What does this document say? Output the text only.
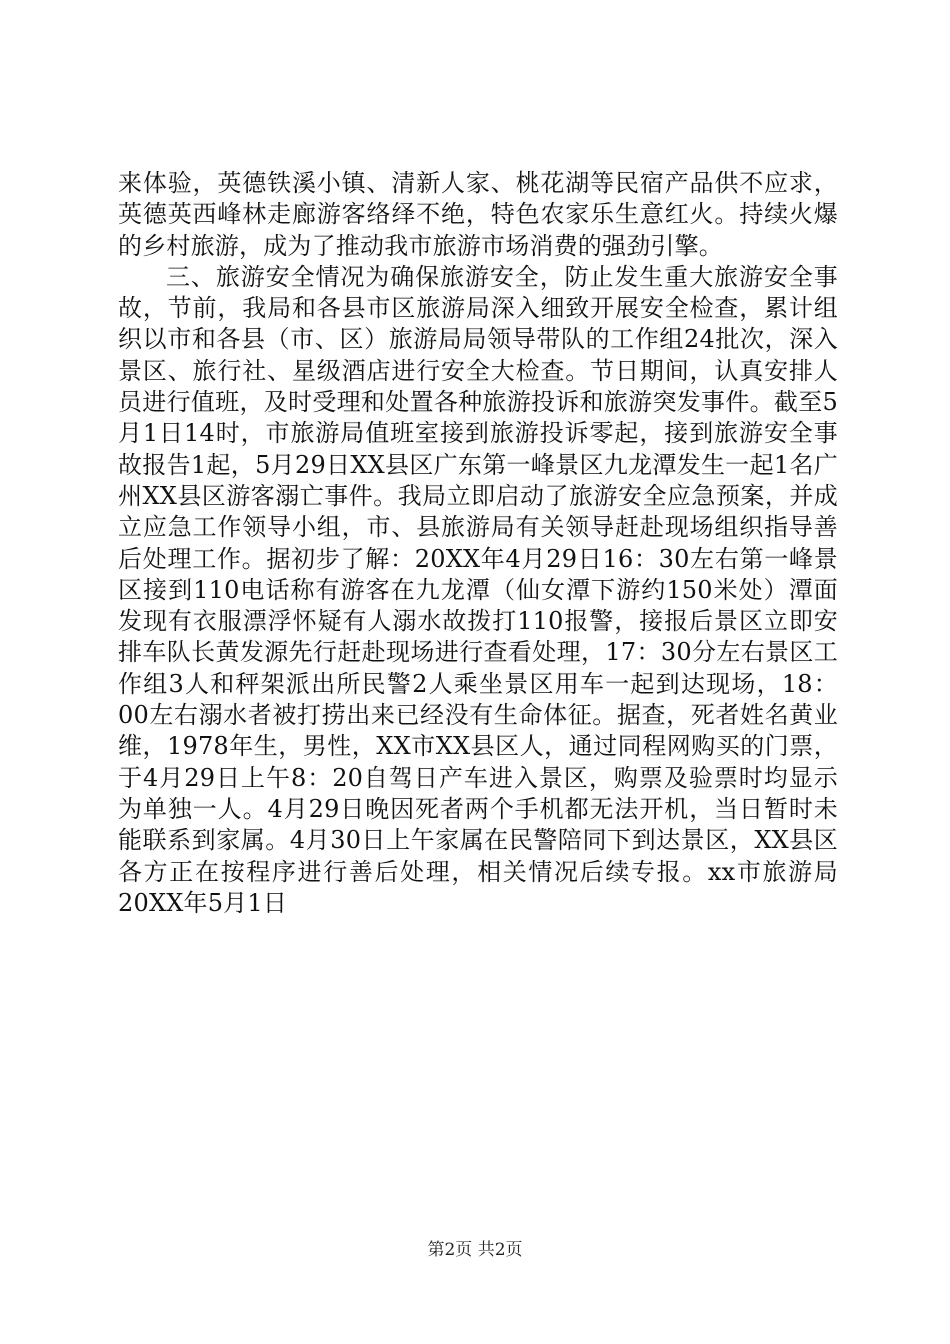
来体验，英德铁溪小镇、清新人家、桃花湖等民宿产品供不应求，英德英西峰林走廊游客络绎不绝，特色农家乐生意红火。持续火爆的乡村旅游，成为了推动我市旅游市场消费的强劲引擎。

三、旅游安全情况为确保旅游安全，防止发生重大旅游安全事故，节前，我局和各县市区旅游局深入细致开展安全检查，累计组织以市和各县（市、区）旅游局局领导带队的工作组24批次，深入景区、旅行社、星级酒店进行安全大检查。节日期间，认真安排人员进行值班，及时受理和处置各种旅游投诉和旅游突发事件。截至5月1日14时，市旅游局值班室接到旅游投诉零起，接到旅游安全事故报告1起，5月29日XX县区广东第一峰景区九龙潭发生一起1名广州XX县区游客溺亡事件。我局立即启动了旅游安全应急预案，并成立应急工作领导小组，市、县旅游局有关领导赶赴现场组织指导善后处理工作。据初步了解：20XX年4月29日16：30左右第一峰景区接到110电话称有游客在九龙潭（仙女潭下游约150米处）潭面发现有衣服漂浮怀疑有人溺水故拨打110报警，接报后景区立即安排车队长黄发源先行赶赴现场进行查看处理，17：30分左右景区工作组3人和秤架派出所民警2人乘坐景区用车一起到达现场，18：00左右溺水者被打捞出来已经没有生命体征。据查，死者姓名黄业维，1978年生，男性，XX市XX县区人，通过同程网购买的门票，于4月29日上午8：20自驾日产车进入景区，购票及验票时均显示为单独一人。4月29日晚因死者两个手机都无法开机，当日暂时未能联系到家属。4月30日上午家属在民警陪同下到达景区，XX县区各方正在按程序进行善后处理，相关情况后续专报。xx市旅游局20XX年5月1日

第2页 共2页
